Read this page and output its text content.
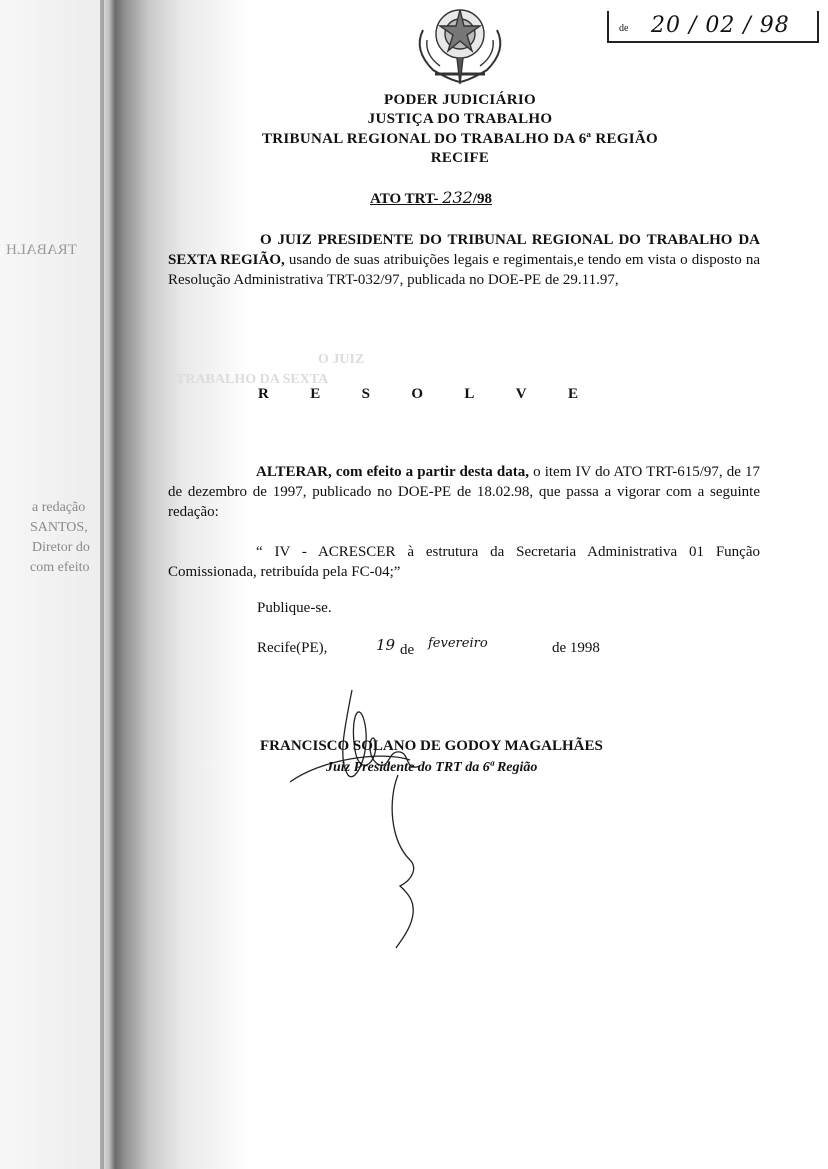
TRABALH
a redação
SANTOS,
Diretor do
com efeito
O JUIZ
TRABALHO DA SEXTA
de 20 / 02 / 98
PODER JUDICIÁRIO
JUSTIÇA DO TRABALHO
TRIBUNAL REGIONAL DO TRABALHO DA 6ª REGIÃO
RECIFE
ATO TRT- 232/98
O JUIZ PRESIDENTE DO TRIBUNAL REGIONAL DO TRABALHO DA SEXTA REGIÃO, usando de suas atribuições legais e regimentais,e tendo em vista o disposto na Resolução Administrativa TRT-032/97, publicada no DOE-PE de 29.11.97,
R	E	S	O	L	V	E
ALTERAR, com efeito a partir desta data, o item IV do ATO TRT-615/97, de 17 de dezembro de 1997, publicado no DOE-PE de 18.02.98, que passa a vigorar com a seguinte redação:
“ IV - ACRESCER à estrutura da Secretaria Administrativa 01 Função Comissionada, retribuída pela FC-04;”
Publique-se.
Recife(PE),	19 de fevereiro	de 1998
FRANCISCO SOLANO DE GODOY MAGALHÃES
Juiz Presidente do TRT da 6ª Região
